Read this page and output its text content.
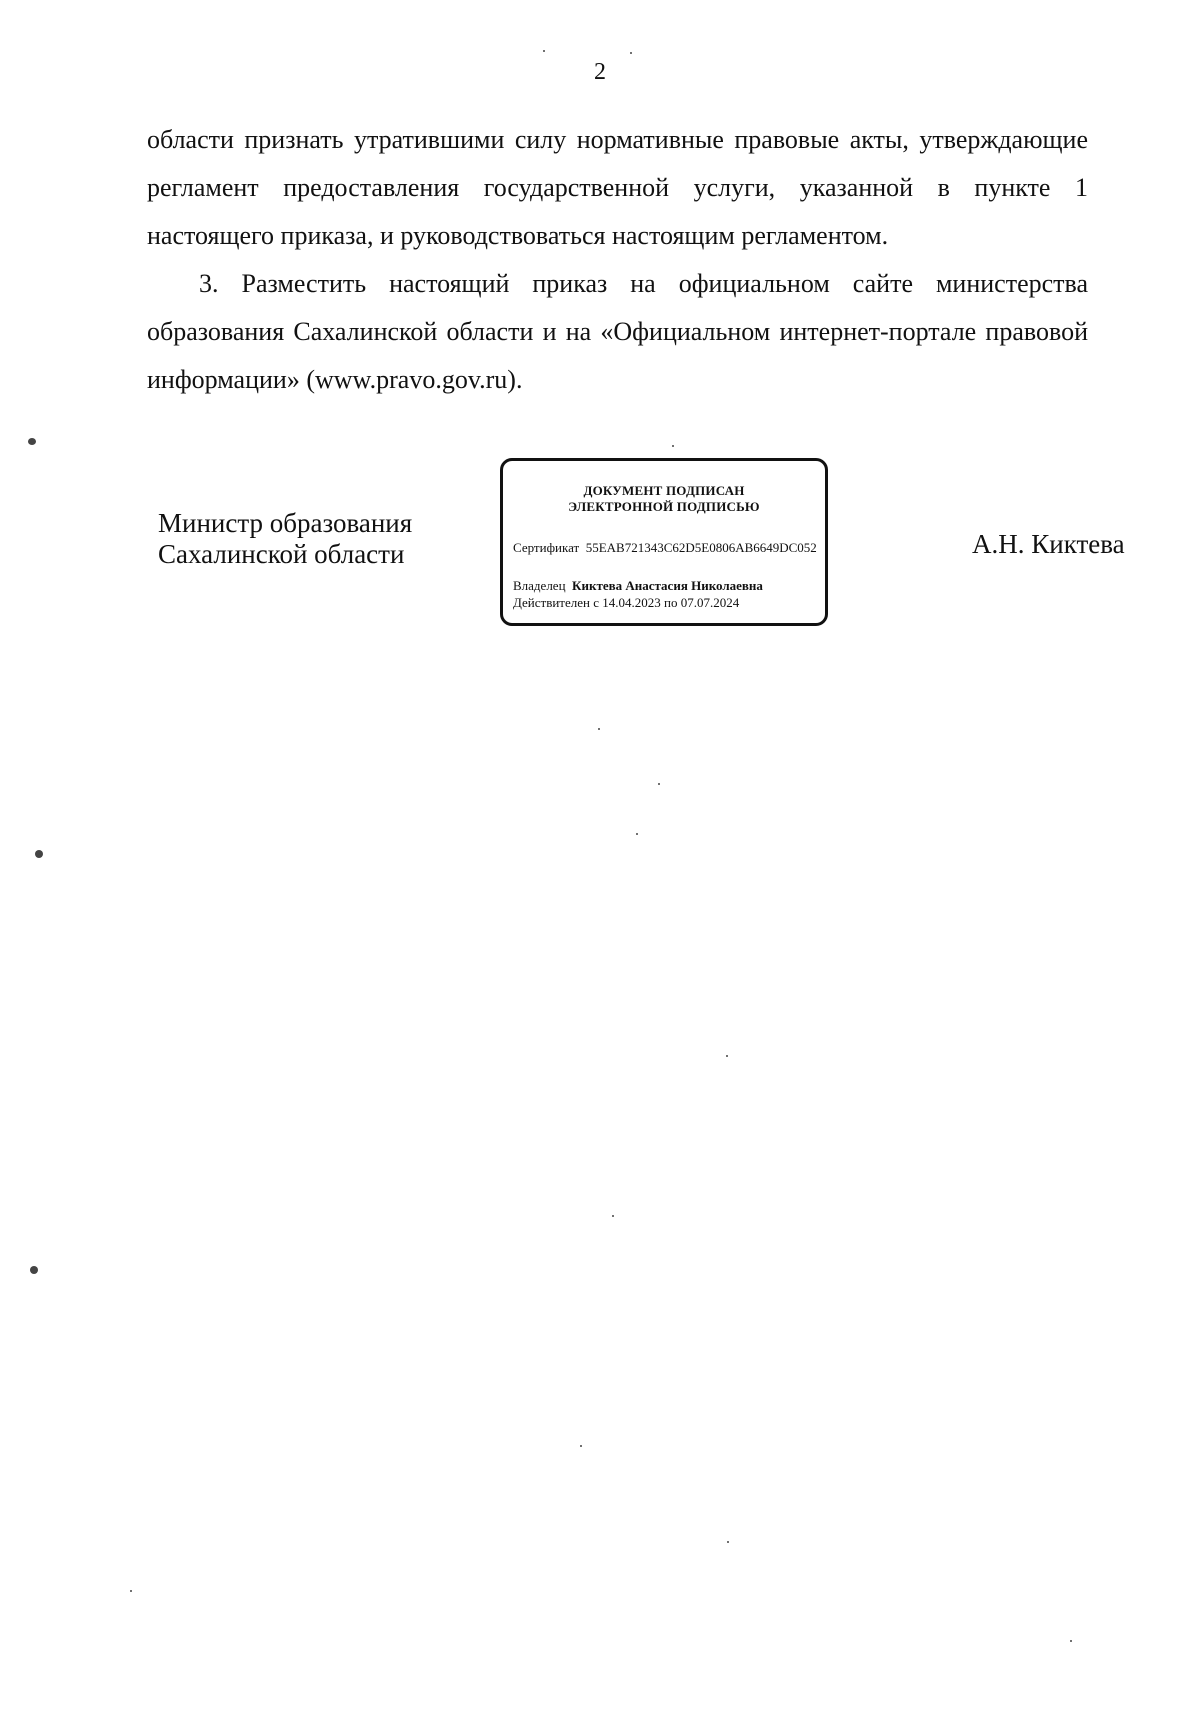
2

области признать утратившими силу нормативные правовые акты, утверждающие регламент предоставления государственной услуги, указанной в пункте 1 настоящего приказа, и руководствоваться настоящим регламентом.

3. Разместить настоящий приказ на официальном сайте министерства образования Сахалинской области и на «Официальном интернет-портале правовой информации» (www.pravo.gov.ru).

Министр образования
Сахалинской области
ДОКУМЕНТ ПОДПИСАН
ЭЛЕКТРОННОЙ ПОДПИСЬЮ
Сертификат  55EAB721343C62D5E0806AB6649DC052
Владелец  Киктева Анастасия Николаевна
Действителен с 14.04.2023 по 07.07.2024
А.Н. Киктева
